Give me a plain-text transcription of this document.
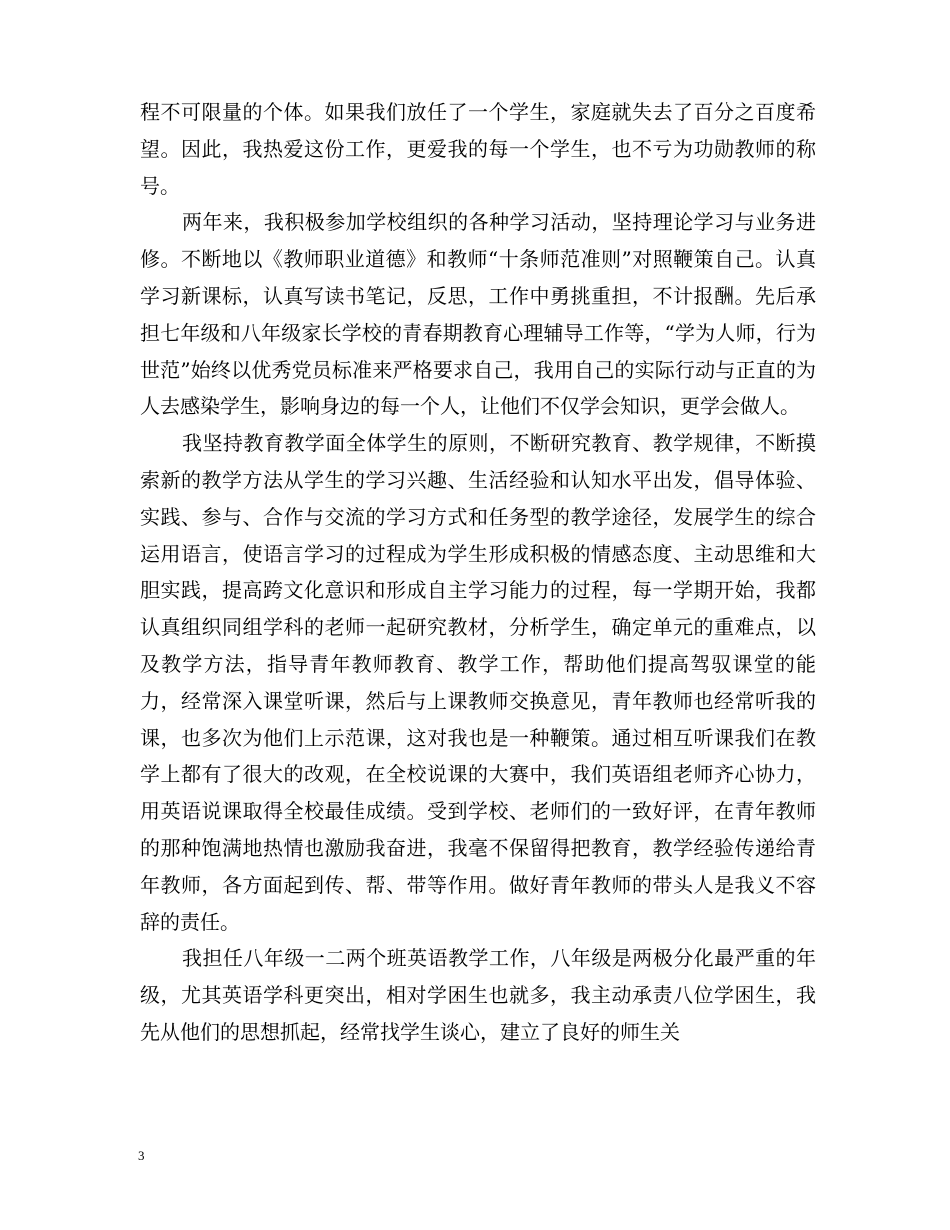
程不可限量的个体。如果我们放任了一个学生，家庭就失去了百分之百度希望。因此，我热爱这份工作，更爱我的每一个学生，也不亏为功勋教师的称号。

两年来，我积极参加学校组织的各种学习活动，坚持理论学习与业务进修。不断地以《教师职业道德》和教师“十条师范准则”对照鞭策自己。认真学习新课标，认真写读书笔记，反思，工作中勇挑重担，不计报酬。先后承担七年级和八年级家长学校的青春期教育心理辅导工作等，“学为人师，行为世范”始终以优秀党员标准来严格要求自己，我用自己的实际行动与正直的为人去感染学生，影响身边的每一个人，让他们不仅学会知识，更学会做人。

我坚持教育教学面全体学生的原则，不断研究教育、教学规律，不断摸索新的教学方法从学生的学习兴趣、生活经验和认知水平出发，倡导体验、实践、参与、合作与交流的学习方式和任务型的教学途径，发展学生的综合运用语言，使语言学习的过程成为学生形成积极的情感态度、主动思维和大胆实践，提高跨文化意识和形成自主学习能力的过程，每一学期开始，我都认真组织同组学科的老师一起研究教材，分析学生，确定单元的重难点，以及教学方法，指导青年教师教育、教学工作，帮助他们提高驾驭课堂的能力，经常深入课堂听课，然后与上课教师交换意见，青年教师也经常听我的课，也多次为他们上示范课，这对我也是一种鞭策。通过相互听课我们在教学上都有了很大的改观，在全校说课的大赛中，我们英语组老师齐心协力，用英语说课取得全校最佳成绩。受到学校、老师们的一致好评，在青年教师的那种饱满地热情也激励我奋进，我毫不保留得把教育，教学经验传递给青年教师，各方面起到传、帮、带等作用。做好青年教师的带头人是我义不容辞的责任。

我担任八年级一二两个班英语教学工作，八年级是两极分化最严重的年级，尤其英语学科更突出，相对学困生也就多，我主动承责八位学困生，我先从他们的思想抓起，经常找学生谈心，建立了良好的师生关

3
